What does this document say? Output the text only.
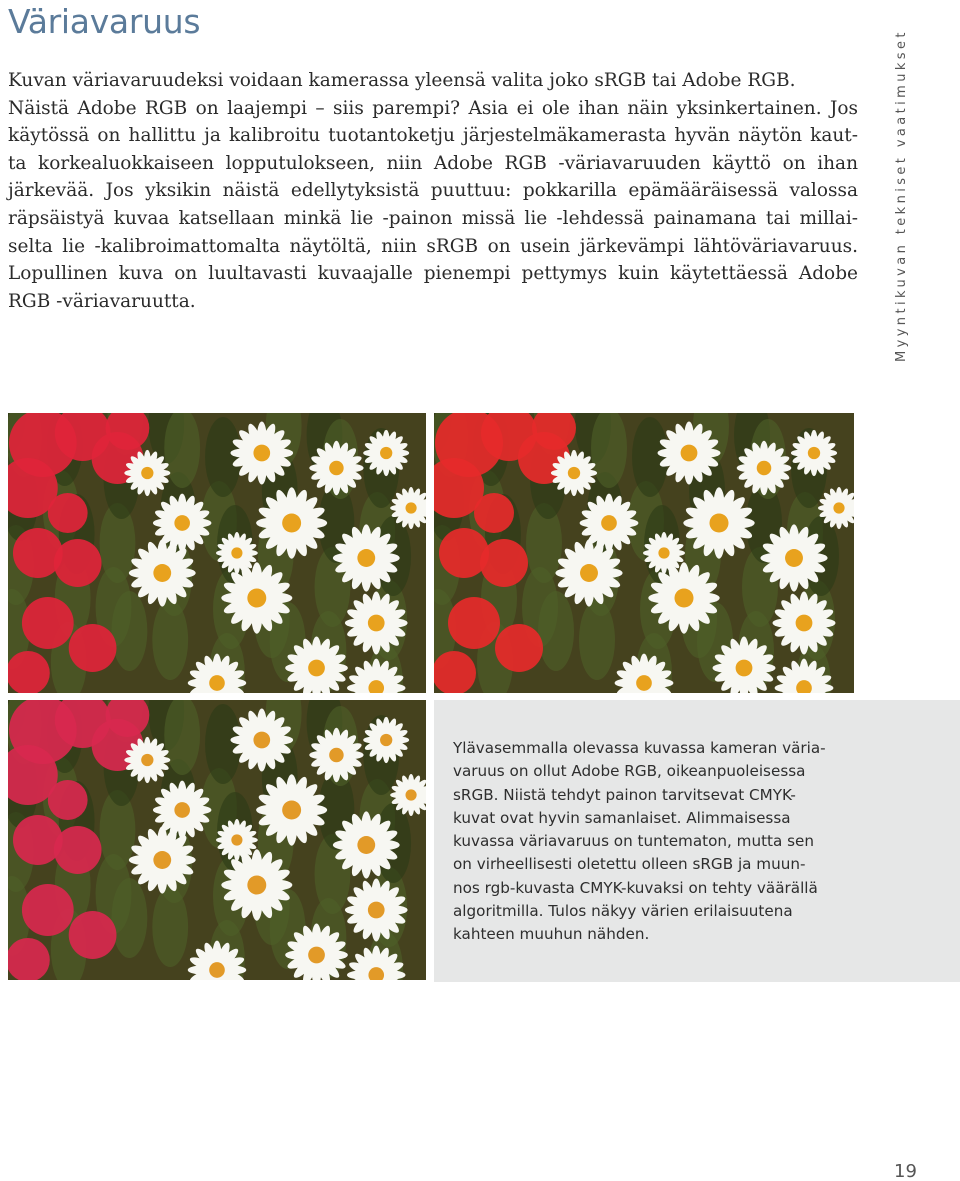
Väriavaruus
Kuvan väriavaruudeksi voidaan kamerassa yleensä valita joko sRGB tai Adobe RGB.
Näistä Adobe RGB on laajempi – siis parempi? Asia ei ole ihan näin yksinkertainen. Jos
käytössä on hallittu ja kalibroitu tuotantoketju järjestelmäkamerasta hyvän näytön kaut-
ta korkealuokkaiseen lopputulokseen, niin Adobe RGB -väriavaruuden käyttö on ihan
järkevää. Jos yksikin näistä edellytyksistä puuttuu: pokkarilla epämääräisessä valossa
räpsäistyä kuvaa katsellaan minkä lie -painon missä lie -lehdessä painamana tai millai-
selta lie -kalibroimattomalta näytöltä, niin sRGB on usein järkevämpi lähtöväriavaruus.
Lopullinen kuva on luultavasti kuvaajalle pienempi pettymys kuin käytettäessä Adobe
RGB -väriavaruutta.	Myyntikuvan tekniset vaatimukset
Ylävasemmalla olevassa kuvassa kameran väria-
varuus on ollut Adobe RGB, oikeanpuoleisessa
sRGB. Niistä tehdyt painon tarvitsevat CMYK-
kuvat ovat hyvin samanlaiset. Alimmaisessa
kuvassa väriavaruus on tuntematon, mutta sen
on virheellisesti oletettu olleen sRGB ja muun-
nos rgb-kuvasta CMYK-kuvaksi on tehty väärällä
algoritmilla. Tulos näkyy värien erilaisuutena
kahteen muuhun nähden.
19
